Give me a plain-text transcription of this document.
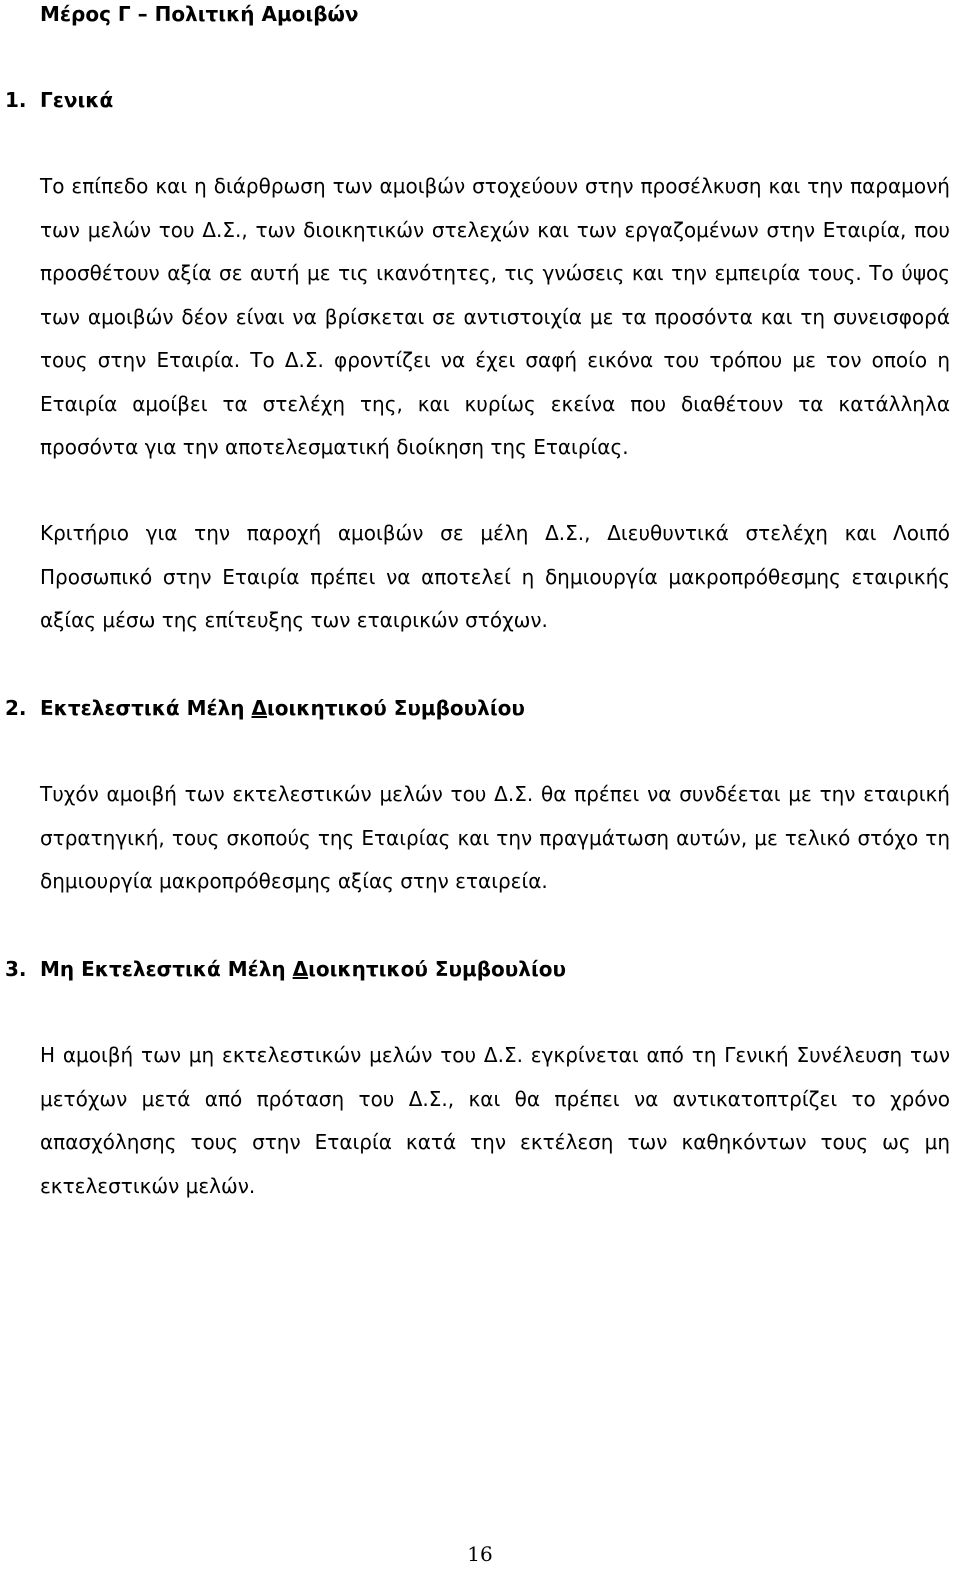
Μέρος Γ – Πολιτική Αμοιβών
1. Γενικά
Το επίπεδο και η διάρθρωση των αμοιβών στοχεύουν στην προσέλκυση και την παραμονή των μελών του Δ.Σ., των διοικητικών στελεχών και των εργαζομένων στην Εταιρία, που προσθέτουν αξία σε αυτή με τις ικανότητες, τις γνώσεις και την εμπειρία τους. Το ύψος των αμοιβών δέον είναι να βρίσκεται σε αντιστοιχία με τα προσόντα και τη συνεισφορά τους στην Εταιρία. Το Δ.Σ. φροντίζει να έχει σαφή εικόνα του τρόπου με τον οποίο η Εταιρία αμοίβει τα στελέχη της, και κυρίως εκείνα που διαθέτουν τα κατάλληλα προσόντα για την αποτελεσματική διοίκηση της Εταιρίας.
Κριτήριο για την παροχή αμοιβών σε μέλη Δ.Σ., Διευθυντικά στελέχη και Λοιπό Προσωπικό στην Εταιρία πρέπει να αποτελεί η δημιουργία μακροπρόθεσμης εταιρικής αξίας μέσω της επίτευξης των εταιρικών στόχων.
2. Εκτελεστικά Μέλη Διοικητικού Συμβουλίου
Τυχόν αμοιβή των εκτελεστικών μελών του Δ.Σ. θα πρέπει να συνδέεται με την εταιρική στρατηγική, τους σκοπούς της Εταιρίας και την πραγμάτωση αυτών, με τελικό στόχο τη δημιουργία μακροπρόθεσμης αξίας στην εταιρεία.
3. Μη Εκτελεστικά Μέλη Διοικητικού Συμβουλίου
Η αμοιβή των μη εκτελεστικών μελών του Δ.Σ. εγκρίνεται από τη Γενική Συνέλευση των μετόχων μετά από πρόταση του Δ.Σ., και θα πρέπει να αντικατοπτρίζει το χρόνο απασχόλησης τους στην Εταιρία κατά την εκτέλεση των καθηκόντων τους ως μη εκτελεστικών μελών.
16
